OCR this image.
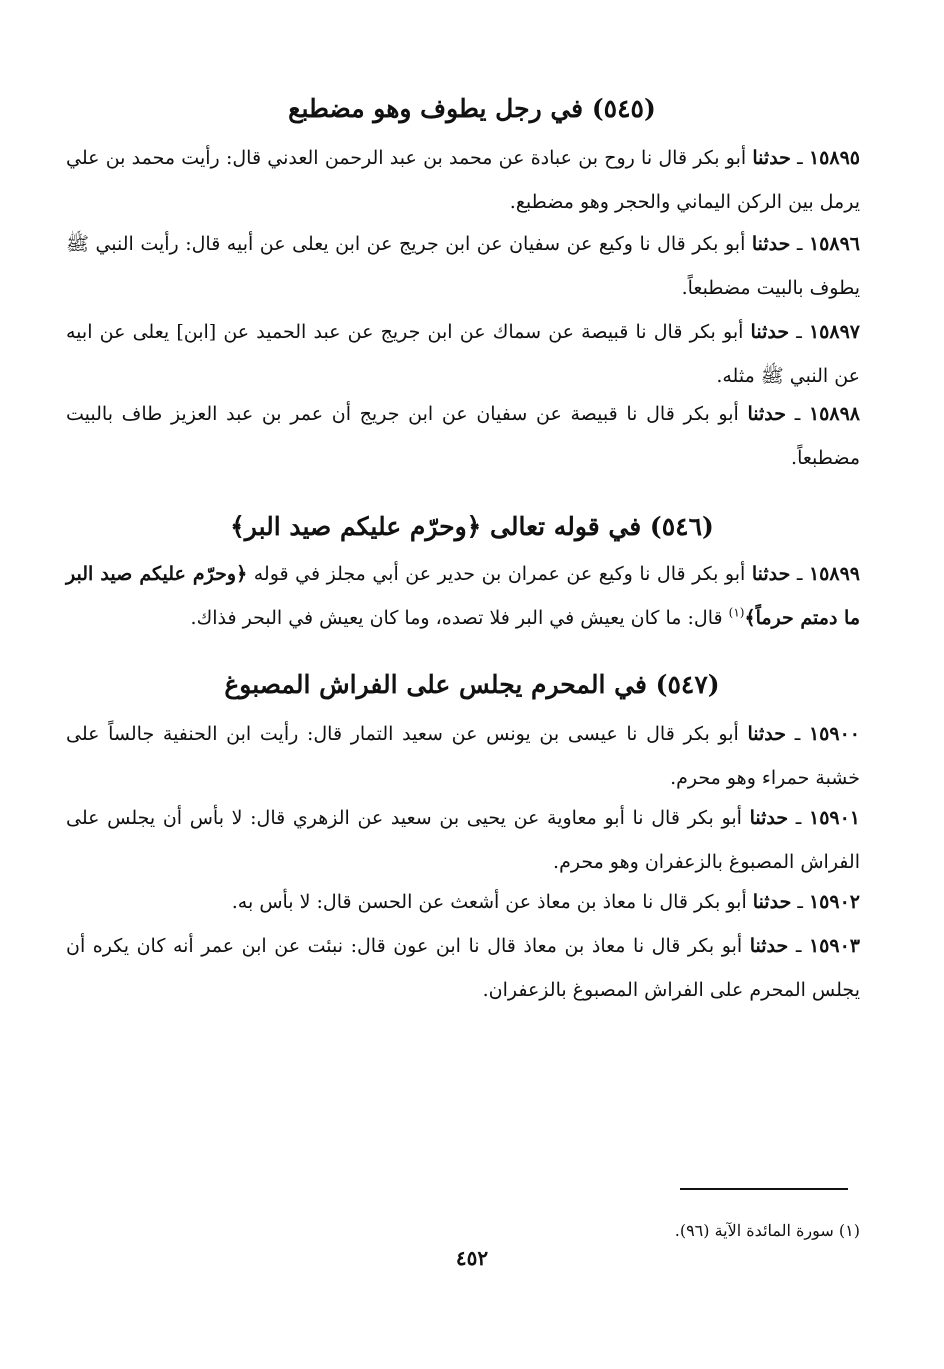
(٥٤٥) في رجل يطوف وهو مضطبع
١٥٨٩٥ ـ حدثنا أبو بكر قال نا روح بن عبادة عن محمد بن عبد الرحمن العدني قال: رأيت محمد بن علي يرمل بين الركن اليماني والحجر وهو مضطبع.
١٥٨٩٦ ـ حدثنا أبو بكر قال نا وكيع عن سفيان عن ابن جريج عن ابن يعلى عن أبيه قال: رأيت النبي ﷺ يطوف بالبيت مضطبعاً.
١٥٨٩٧ ـ حدثنا أبو بكر قال نا قبيصة عن سماك عن ابن جريج عن عبد الحميد عن [ابن] يعلى عن ابيه عن النبي ﷺ مثله.
١٥٨٩٨ ـ حدثنا أبو بكر قال نا قبيصة عن سفيان عن ابن جريج أن عمر بن عبد العزيز طاف بالبيت مضطبعاً.
(٥٤٦) في قوله تعالى ﴿وحرّم عليكم صيد البر﴾
١٥٨٩٩ ـ حدثنا أبو بكر قال نا وكيع عن عمران بن حدير عن أبي مجلز في قوله ﴿وحرّم عليكم صيد البر ما دمتم حرماً﴾$^{(١)}$ قال: ما كان يعيش في البر فلا تصده، وما كان يعيش في البحر فذاك.
(٥٤٧) في المحرم يجلس على الفراش المصبوغ
١٥٩٠٠ ـ حدثنا أبو بكر قال نا عيسى بن يونس عن سعيد التمار قال: رأيت ابن الحنفية جالساً على خشبة حمراء وهو محرم.
١٥٩٠١ ـ حدثنا أبو بكر قال نا أبو معاوية عن يحيى بن سعيد عن الزهري قال: لا بأس أن يجلس على الفراش المصبوغ بالزعفران وهو محرم.
١٥٩٠٢ ـ حدثنا أبو بكر قال نا معاذ بن معاذ عن أشعث عن الحسن قال: لا بأس به.
١٥٩٠٣ ـ حدثنا أبو بكر قال نا معاذ بن معاذ قال نا ابن عون قال: نبئت عن ابن عمر أنه كان يكره أن يجلس المحرم على الفراش المصبوغ بالزعفران.
(١) سورة المائدة الآية (٩٦).
٤٥٢
